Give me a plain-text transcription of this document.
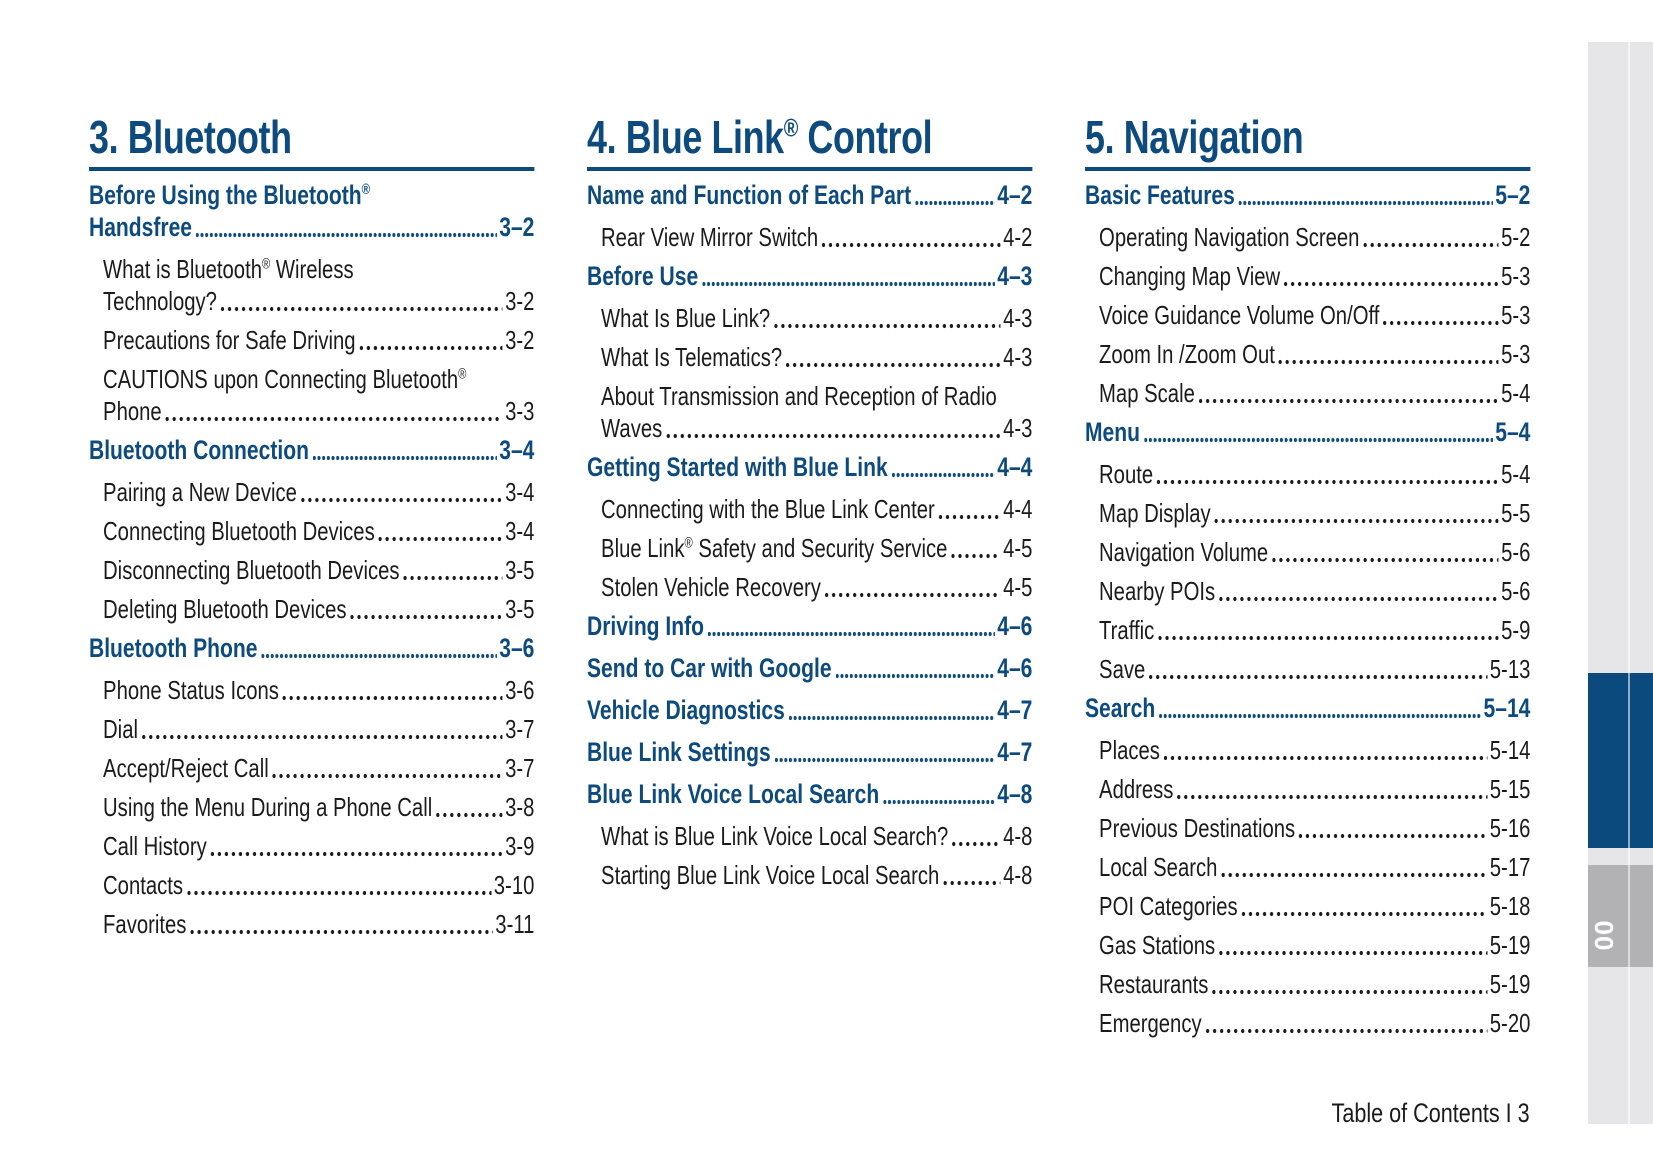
3. Bluetooth
Before Using the Bluetooth®
Handsfree	3–2
What is Bluetooth® Wireless
Technology?	3-2
Precautions for Safe Driving	3-2
CAUTIONS upon Connecting Bluetooth®
Phone	3-3
Bluetooth Connection	3–4
Pairing a New Device	3-4
Connecting Bluetooth Devices	3-4
Disconnecting Bluetooth Devices	3-5
Deleting Bluetooth Devices	3-5
Bluetooth Phone	3–6
Phone Status Icons	3-6
Dial	3-7
Accept/Reject Call	3-7
Using the Menu During a Phone Call	3-8
Call History	3-9
Contacts	3-10
Favorites	3-11
4. Blue Link® Control
Name and Function of Each Part	4–2
Rear View Mirror Switch	4-2
Before Use	4–3
What Is Blue Link?	4-3
What Is Telematics?	4-3
About Transmission and Reception of Radio
Waves	4-3
Getting Started with Blue Link	4–4
Connecting with the Blue Link Center	4-4
Blue Link® Safety and Security Service 4-5
Stolen Vehicle Recovery	4-5
Driving Info	4–6
Send to Car with Google	4–6
Vehicle Diagnostics	4–7
Blue Link Settings	4–7
Blue Link Voice Local Search	4–8
What is Blue Link Voice Local Search? 4-8
Starting Blue Link Voice Local Search 4-8
5. Navigation
Basic Features	5–2
Operating Navigation Screen	5-2
Changing Map View	5-3
Voice Guidance Volume On/Off	5-3
Zoom In /Zoom Out	5-3
Map Scale	5-4
Menu	5–4
Route	5-4
Map Display	5-5
Navigation Volume	5-6
Nearby POIs	5-6
Traffic	5-9
Save	5-13
Search	5–14
Places	5-14
Address	5-15
Previous Destinations	5-16
Local Search	5-17
POI Categories	5-18
Gas Stations	5-19
Restaurants	5-19
Emergency	5-20
Table of Contents I 3
00
